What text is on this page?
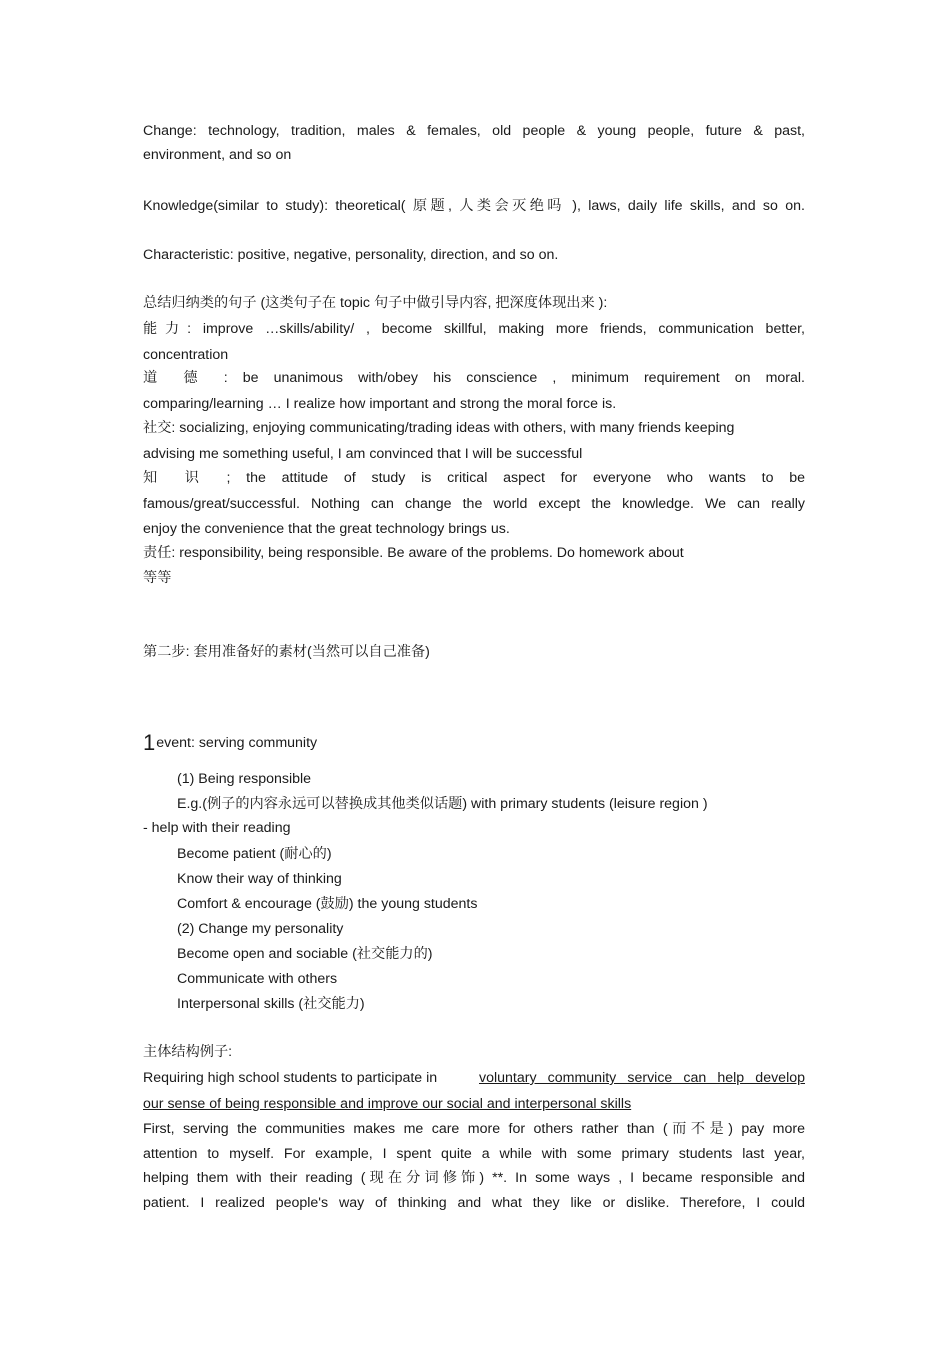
Change: technology, tradition, males & females, old people & young people, future & past,
environment, and so on
Knowledge(similar to study): theoretical( 原题, 人类会灭绝吗 ), laws, daily life skills, and so on.
Characteristic: positive, negative, personality, direction, and so on.
总结归纳类的句子 (这类句子在 topic 句子中做引导内容, 把深度体现出来 ):
能力: improve …skills/ability/ , become skillful, making more friends, communication better,
concentration
道 德 : be unanimous with/obey his conscience , minimum requirement on moral.
comparing/learning … I realize how important and strong the moral force is.
社交: socializing, enjoying communicating/trading ideas with others, with many friends keeping
advising me something useful, I am convinced that I will be successful
知 识 ; the attitude of study is critical aspect for everyone who wants to be
famous/great/successful. Nothing can change the world except the knowledge. We can really
enjoy the convenience that the great technology brings us.
责任: responsibility, being responsible. Be aware of the problems. Do homework about
等等
第二步: 套用准备好的素材(当然可以自己准备)
1event: serving community
(1) Being responsible
E.g.(例子的内容永远可以替换成其他类似话题) with primary students (leisure region )
- help with their reading
Become patient (耐心的)
Know their way of thinking
Comfort & encourage (鼓励) the young students
(2) Change my personality
Become open and sociable (社交能力的)
Communicate with others
Interpersonal skills (社交能力)
主体结构例子:
Requiring high school students to participate in	voluntary community service can help develop
our sense of being responsible and improve our social and interpersonal skills
First, serving the communities makes me care more for others rather than (而不是) pay more
attention to myself. For example, I spent quite a while with some primary students last year,
helping them with their reading (现在分词修饰) **. In some ways , I became responsible and
patient. I realized people's way of thinking and what they like or dislike. Therefore, I could
